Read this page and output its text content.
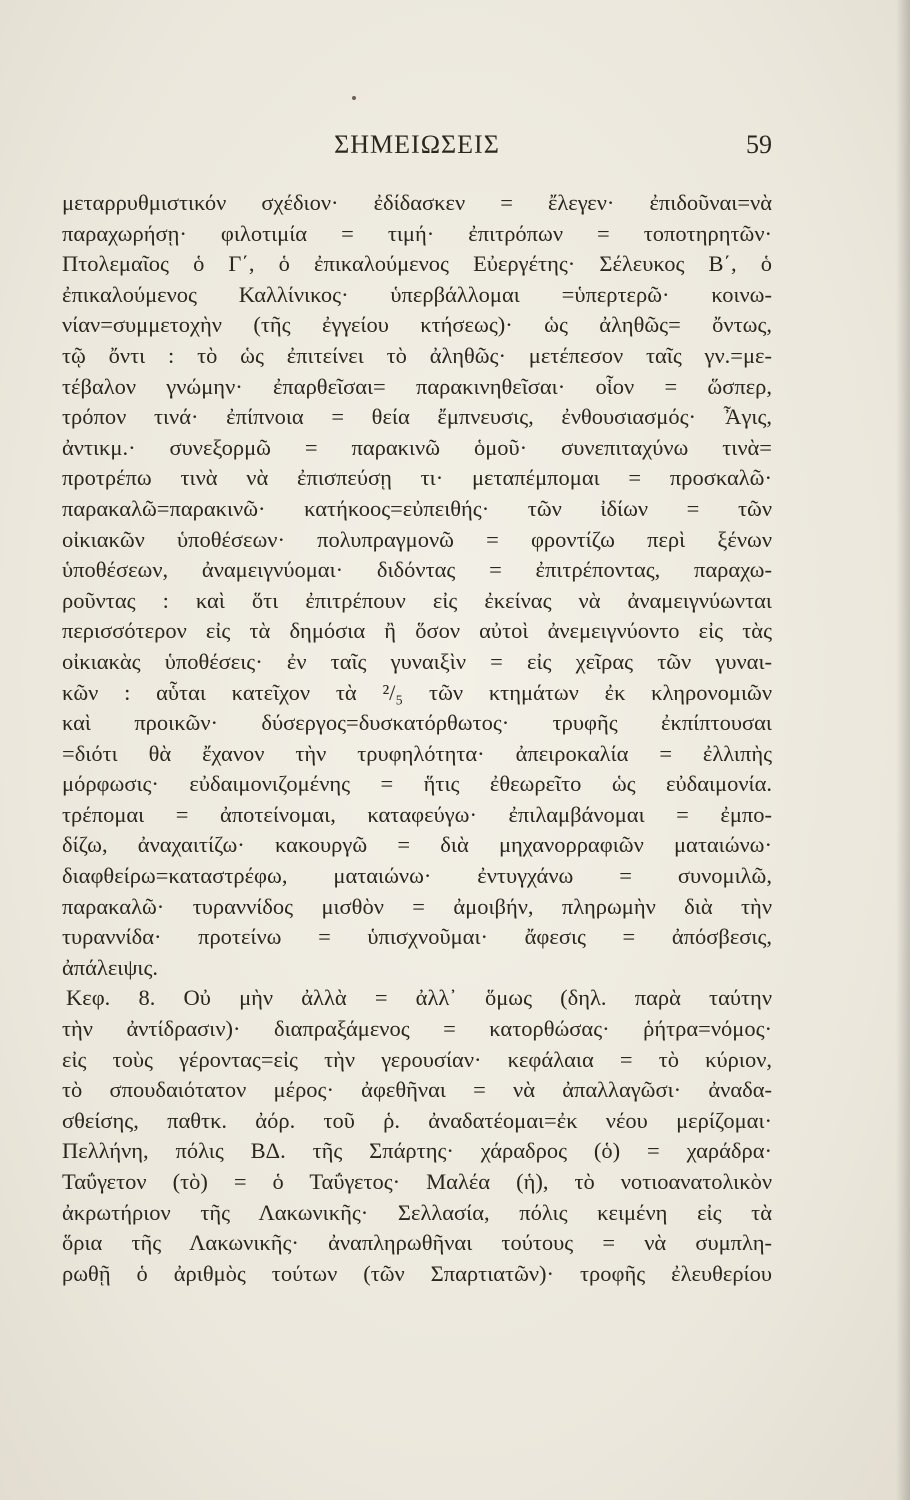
ΣΗΜΕΙΩΣΕΙΣ	59
μεταρρυθμιστικόν σχέδιον· ἐδίδασκεν = ἔλεγεν· ἐπιδοῦναι=νὰ
παραχωρήσῃ· φιλοτιμία = τιμή· ἐπιτρόπων = τοποτηρητῶν·
Πτολεμαῖος ὁ Γ΄, ὁ ἐπικαλούμενος Εὐεργέτης· Σέλευκος Β΄, ὁ
ἐπικαλούμενος Καλλίνικος· ὑπερβάλλομαι =ὑπερτερῶ· κοινω-
νίαν=συμμετοχὴν (τῆς ἐγγείου κτήσεως)· ὡς ἀληθῶς= ὄντως,
τῷ ὄντι : τὸ ὡς ἐπιτείνει τὸ ἀληθῶς· μετέπεσον ταῖς γν.=με-
τέβαλον γνώμην· ἐπαρθεῖσαι= παρακινηθεῖσαι· οἷον = ὥσπερ,
τρόπον τινά· ἐπίπνοια = θεία ἔμπνευσις, ἐνθουσιασμός· Ἆγις,
ἀντικμ.· συνεξορμῶ = παρακινῶ ὁμοῦ· συνεπιταχύνω τινὰ=
προτρέπω τινὰ νὰ ἐπισπεύσῃ τι· μεταπέμπομαι = προσκαλῶ·
παρακαλῶ=παρακινῶ· κατήκοος=εὐπειθής· τῶν ἰδίων = τῶν
οἰκιακῶν ὑποθέσεων· πολυπραγμονῶ = φροντίζω περὶ ξένων
ὑποθέσεων, ἀναμειγνύομαι· διδόντας = ἐπιτρέποντας, παραχω-
ροῦντας : καὶ ὅτι ἐπιτρέπουν εἰς ἐκείνας νὰ ἀναμειγνύωνται
περισσότερον εἰς τὰ δημόσια ἢ ὅσον αὐτοὶ ἀνεμειγνύοντο εἰς τὰς
οἰκιακὰς ὑποθέσεις· ἐν ταῖς γυναιξὶν = εἰς χεῖρας τῶν γυναι-
κῶν : αὗται κατεῖχον τὰ ²/₅ τῶν κτημάτων ἐκ κληρονομιῶν
καὶ προικῶν· δύσεργος=δυσκατόρθωτος· τρυφῆς ἐκπίπτουσαι
=διότι θὰ ἔχανον τὴν τρυφηλότητα· ἀπειροκαλία = ἐλλιπὴς
μόρφωσις· εὐδαιμονιζομένης = ἥτις ἐθεωρεῖτο ὡς εὐδαιμονία.
τρέπομαι = ἀποτείνομαι, καταφεύγω· ἐπιλαμβάνομαι = ἐμπο-
δίζω, ἀναχαιτίζω· κακουργῶ = διὰ μηχανορραφιῶν ματαιώνω·
διαφθείρω=καταστρέφω, ματαιώνω· ἐντυγχάνω = συνομιλῶ,
παρακαλῶ· τυραννίδος μισθὸν = ἀμοιβήν, πληρωμὴν διὰ τὴν
τυραννίδα· προτείνω = ὑπισχνοῦμαι· ἄφεσις = ἀπόσβεσις,
ἀπάλειψις.
Κεφ. 8. Οὐ μὴν ἀλλὰ = ἀλλ᾽ ὅμως (δηλ. παρὰ ταύτην
τὴν ἀντίδρασιν)· διαπραξάμενος = κατορθώσας· ῥήτρα=νόμος·
εἰς τοὺς γέροντας=εἰς τὴν γερουσίαν· κεφάλαια = τὸ κύριον,
τὸ σπουδαιότατον μέρος· ἀφεθῆναι = νὰ ἀπαλλαγῶσι· ἀναδα-
σθείσης, παθτκ. ἀόρ. τοῦ ῥ. ἀναδατέομαι=ἐκ νέου μερίζομαι·
Πελλήνη, πόλις ΒΔ. τῆς Σπάρτης· χάραδρος (ὁ) = χαράδρα·
Ταΰγετον (τὸ) = ὁ Ταΰγετος· Μαλέα (ἡ), τὸ νοτιοανατολικὸν
ἀκρωτήριον τῆς Λακωνικῆς· Σελλασία, πόλις κειμένη εἰς τὰ
ὅρια τῆς Λακωνικῆς· ἀναπληρωθῆναι τούτους = νὰ συμπλη-
ρωθῇ ὁ ἀριθμὸς τούτων (τῶν Σπαρτιατῶν)· τροφῆς ἐλευθερίου
